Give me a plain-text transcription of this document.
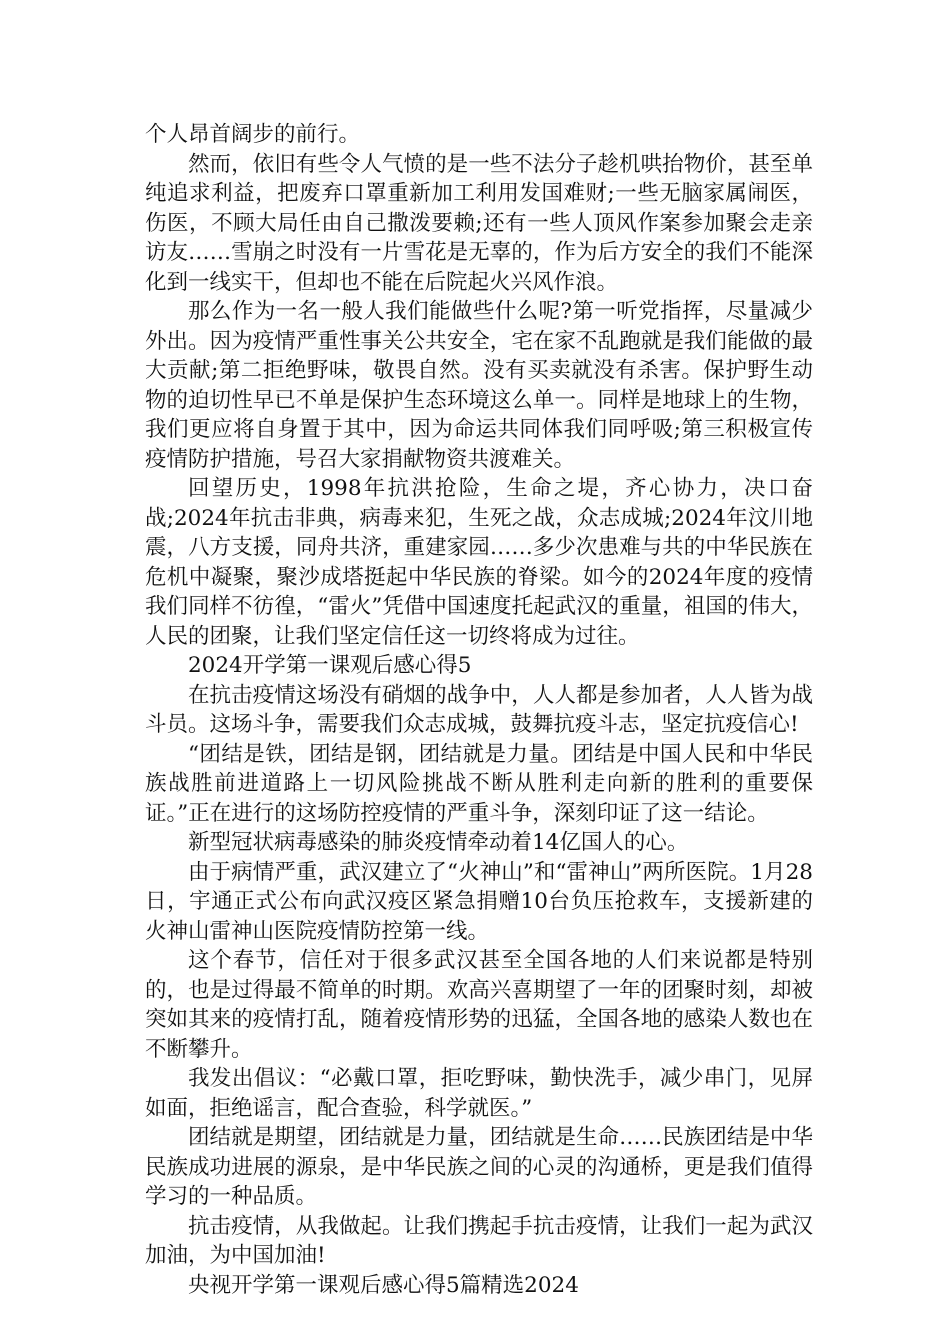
个人昂首阔步的前行。

然而，依旧有些令人气愤的是一些不法分子趁机哄抬物价，甚至单纯追求利益，把废弃口罩重新加工利用发国难财;一些无脑家属闹医，伤医，不顾大局任由自己撒泼要赖;还有一些人顶风作案参加聚会走亲访友……雪崩之时没有一片雪花是无辜的，作为后方安全的我们不能深化到一线实干，但却也不能在后院起火兴风作浪。

那么作为一名一般人我们能做些什么呢?第一听党指挥，尽量减少外出。因为疫情严重性事关公共安全，宅在家不乱跑就是我们能做的最大贡献;第二拒绝野味，敬畏自然。没有买卖就没有杀害。保护野生动物的迫切性早已不单是保护生态环境这么单一。同样是地球上的生物，我们更应将自身置于其中，因为命运共同体我们同呼吸;第三积极宣传疫情防护措施，号召大家捐献物资共渡难关。

回望历史，1998年抗洪抢险，生命之堤，齐心协力，决口奋战;2024年抗击非典，病毒来犯，生死之战，众志成城;2024年汶川地震，八方支援，同舟共济，重建家园……多少次患难与共的中华民族在危机中凝聚，聚沙成塔挺起中华民族的脊梁。如今的2024年度的疫情我们同样不彷徨，“雷火”凭借中国速度托起武汉的重量，祖国的伟大，人民的团聚，让我们坚定信任这一切终将成为过往。

2024开学第一课观后感心得5

在抗击疫情这场没有硝烟的战争中，人人都是参加者，人人皆为战斗员。这场斗争，需要我们众志成城，鼓舞抗疫斗志，坚定抗疫信心!

“团结是铁，团结是钢，团结就是力量。团结是中国人民和中华民族战胜前进道路上一切风险挑战不断从胜利走向新的胜利的重要保证。”正在进行的这场防控疫情的严重斗争，深刻印证了这一结论。

新型冠状病毒感染的肺炎疫情牵动着14亿国人的心。

由于病情严重，武汉建立了“火神山”和“雷神山”两所医院。1月28日，宇通正式公布向武汉疫区紧急捐赠10台负压抢救车，支援新建的火神山雷神山医院疫情防控第一线。

这个春节，信任对于很多武汉甚至全国各地的人们来说都是特别的，也是过得最不简单的时期。欢高兴喜期望了一年的团聚时刻，却被突如其来的疫情打乱，随着疫情形势的迅猛，全国各地的感染人数也在不断攀升。

我发出倡议：“必戴口罩，拒吃野味，勤快洗手，减少串门，见屏如面，拒绝谣言，配合查验，科学就医。”

团结就是期望，团结就是力量，团结就是生命……民族团结是中华民族成功进展的源泉，是中华民族之间的心灵的沟通桥，更是我们值得学习的一种品质。

抗击疫情，从我做起。让我们携起手抗击疫情，让我们一起为武汉加油，为中国加油!

央视开学第一课观后感心得5篇精选2024
